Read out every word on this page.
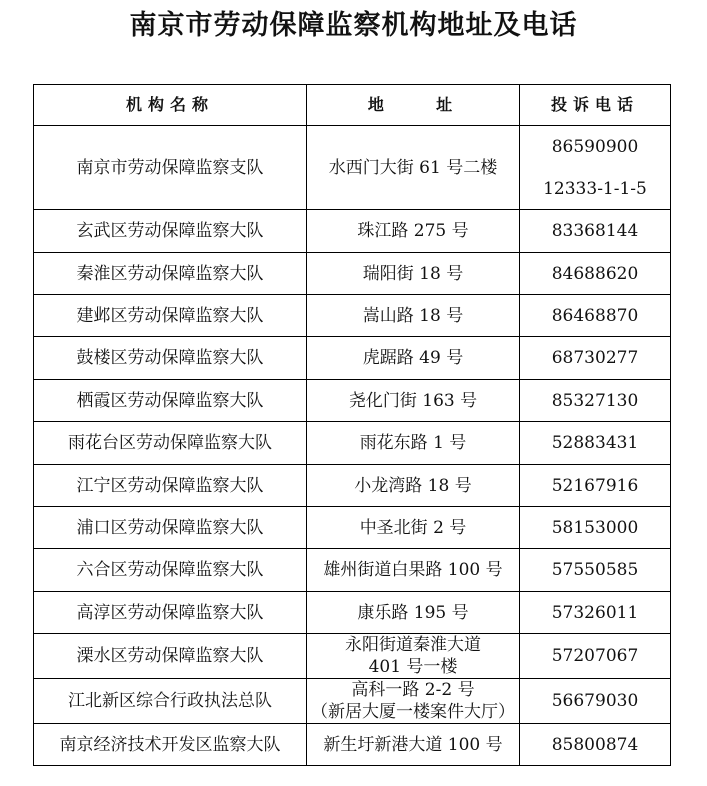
南京市劳动保障监察机构地址及电话
机构名称	地    址	投诉电话
南京市劳动保障监察支队	水西门大街 61 号二楼	86590900
12333-1-1-5

玄武区劳动保障监察大队	珠江路 275 号	83368144

秦淮区劳动保障监察大队	瑞阳街 18 号	84688620

建邺区劳动保障监察大队	嵩山路 18 号	86468870

鼓楼区劳动保障监察大队	虎踞路 49 号	68730277

栖霞区劳动保障监察大队	尧化门街 163 号	85327130

雨花台区劳动保障监察大队	雨花东路 1 号	52883431

江宁区劳动保障监察大队	小龙湾路 18 号	52167916

浦口区劳动保障监察大队	中圣北街 2 号	58153000

六合区劳动保障监察大队	雄州街道白果路 100 号	57550585

高淳区劳动保障监察大队	康乐路 195 号	57326011

溧水区劳动保障监察大队	永阳街道秦淮大道
401 号一楼	57207067

江北新区综合行政执法总队	高科一路 2-2 号
（新居大厦一楼案件大厅）	56679030

南京经济技术开发区监察大队	新生圩新港大道 100 号	85800874
